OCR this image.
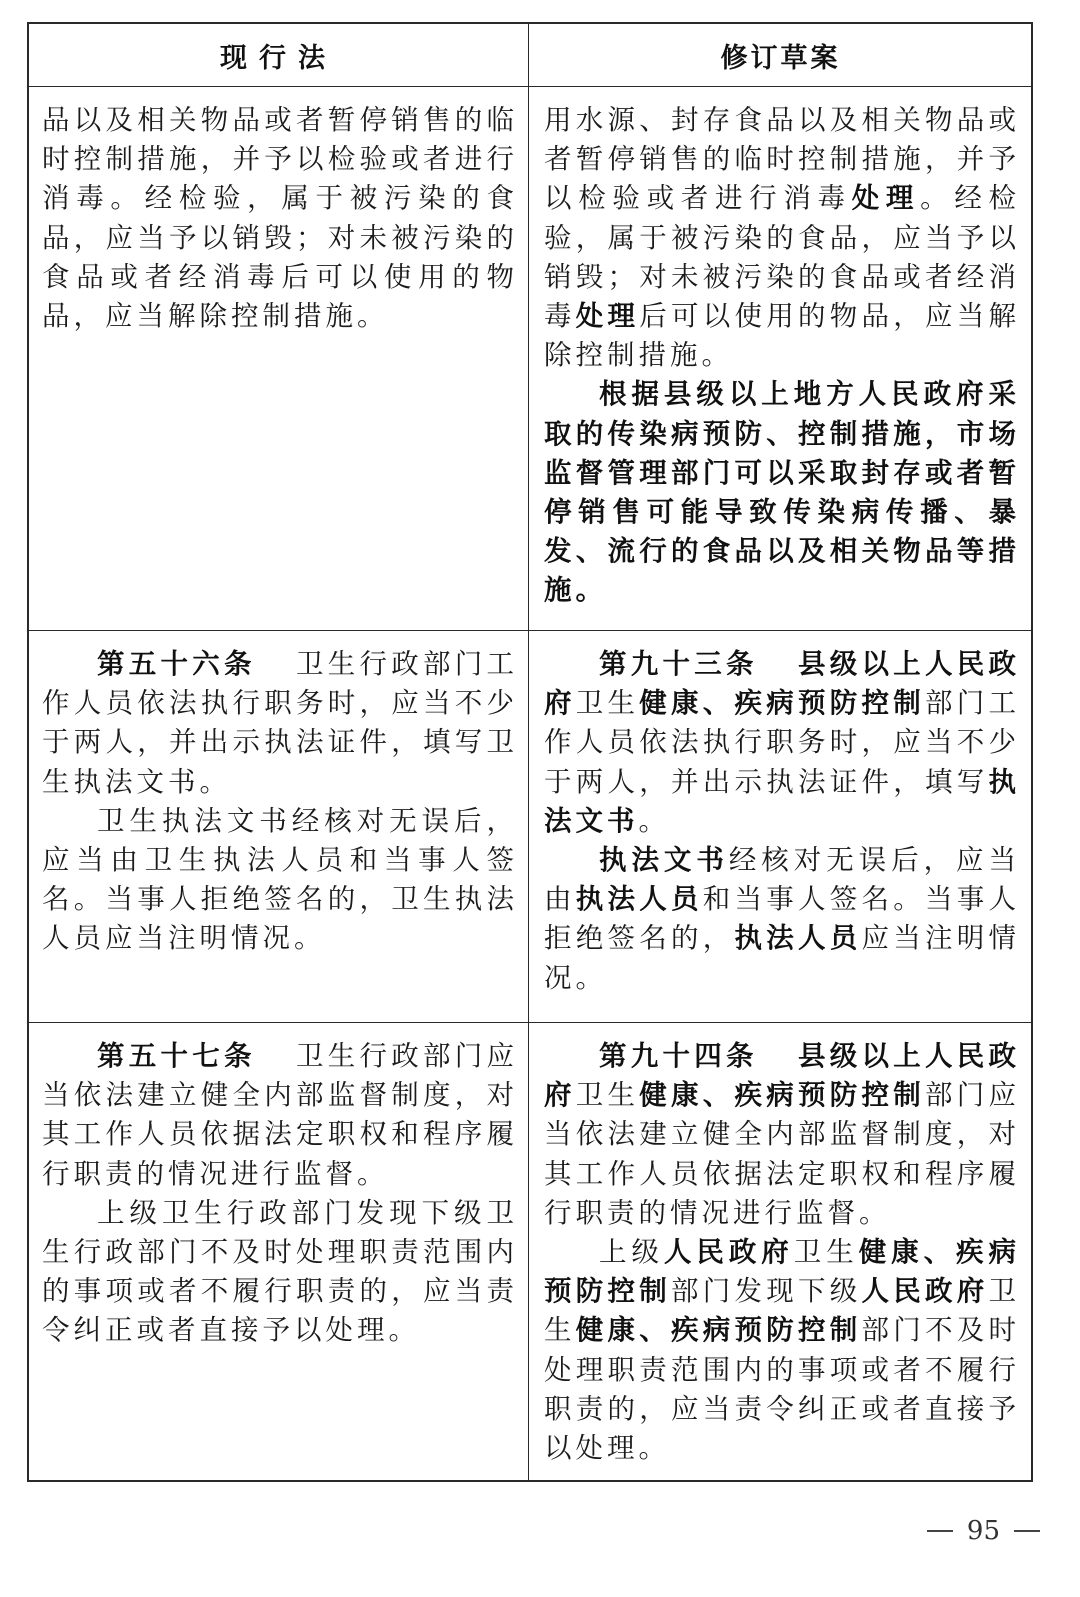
现行法	修订草案

品以及相关物品或者暂停销售的临时控制措施，并予以检验或者进行消毒。经检验，属于被污染的食品，应当予以销毁；对未被污染的食品或者经消毒后可以使用的物品，应当解除控制措施。

用水源、封存食品以及相关物品或者暂停销售的临时控制措施，并予以检验或者进行消毒处理。经检验，属于被污染的食品，应当予以销毁；对未被污染的食品或者经消毒处理后可以使用的物品，应当解除控制措施。

根据县级以上地方人民政府采取的传染病预防、控制措施，市场监督管理部门可以采取封存或者暂停销售可能导致传染病传播、暴发、流行的食品以及相关物品等措施。

第五十六条 卫生行政部门工作人员依法执行职务时，应当不少于两人，并出示执法证件，填写卫生执法文书。

卫生执法文书经核对无误后，应当由卫生执法人员和当事人签名。当事人拒绝签名的，卫生执法人员应当注明情况。

第九十三条 县级以上人民政府卫生健康、疾病预防控制部门工作人员依法执行职务时，应当不少于两人，并出示执法证件，填写执法文书。

执法文书经核对无误后，应当由执法人员和当事人签名。当事人拒绝签名的，执法人员应当注明情况。

第五十七条 卫生行政部门应当依法建立健全内部监督制度，对其工作人员依据法定职权和程序履行职责的情况进行监督。

上级卫生行政部门发现下级卫生行政部门不及时处理职责范围内的事项或者不履行职责的，应当责令纠正或者直接予以处理。

第九十四条 县级以上人民政府卫生健康、疾病预防控制部门应当依法建立健全内部监督制度，对其工作人员依据法定职权和程序履行职责的情况进行监督。

上级人民政府卫生健康、疾病预防控制部门发现下级人民政府卫生健康、疾病预防控制部门不及时处理职责范围内的事项或者不履行职责的，应当责令纠正或者直接予以处理。

95
